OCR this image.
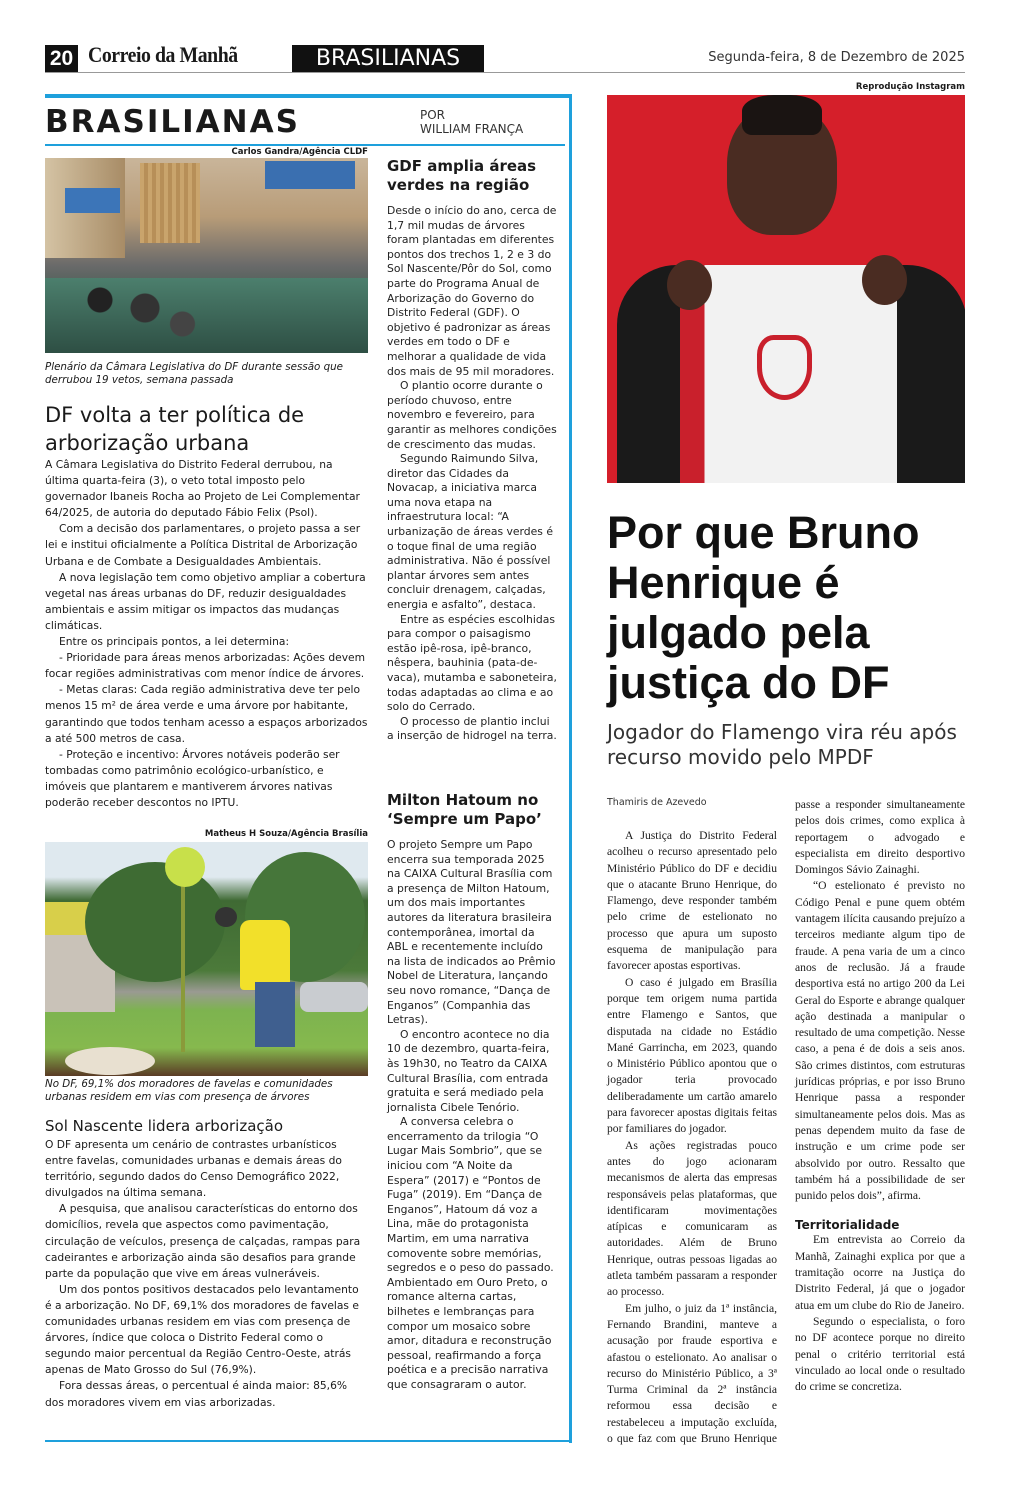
20 Correio da Manhã	BRASILIANAS	Segunda-feira, 8 de Dezembro de 2025
Reprodução Instagram
BRASILIANAS	POR
WILLIAM FRANÇA
Carlos Gandra/Agência CLDF
Plenário da Câmara Legislativa do DF durante sessão que derrubou 19 vetos, semana passada
DF volta a ter política de arborização urbana

A Câmara Legislativa do Distrito Federal derrubou, na última quarta-feira (3), o veto total imposto pelo governador Ibaneis Rocha ao Projeto de Lei Complementar 64/2025, de autoria do deputado Fábio Felix (Psol).

Com a decisão dos parlamentares, o projeto passa a ser lei e institui oficialmente a Política Distrital de Arborização Urbana e de Combate a Desigualdades Ambientais.

A nova legislação tem como objetivo ampliar a cobertura vegetal nas áreas urbanas do DF, reduzir desigualdades ambientais e assim mitigar os impactos das mudanças climáticas.

Entre os principais pontos, a lei determina:

- Prioridade para áreas menos arborizadas: Ações devem focar regiões administrativas com menor índice de árvores.

- Metas claras: Cada região administrativa deve ter pelo menos 15 m² de área verde e uma árvore por habitante, garantindo que todos tenham acesso a espaços arborizados a até 500 metros de casa.

- Proteção e incentivo: Árvores notáveis poderão ser tombadas como patrimônio ecológico-urbanístico, e imóveis que plantarem e mantiverem árvores nativas poderão receber descontos no IPTU.

Matheus H Souza/Agência Brasília
No DF, 69,1% dos moradores de favelas e comunidades urbanas residem em vias com presença de árvores
Sol Nascente lidera arborização

O DF apresenta um cenário de contrastes urbanísticos entre favelas, comunidades urbanas e demais áreas do território, segundo dados do Censo Demográfico 2022, divulgados na última semana.

A pesquisa, que analisou características do entorno dos domicílios, revela que aspectos como pavimentação, circulação de veículos, presença de calçadas, rampas para cadeirantes e arborização ainda são desafios para grande parte da população que vive em áreas vulneráveis.

Um dos pontos positivos destacados pelo levantamento é a arborização. No DF, 69,1% dos moradores de favelas e comunidades urbanas residem em vias com presença de árvores, índice que coloca o Distrito Federal como o segundo maior percentual da Região Centro-Oeste, atrás apenas de Mato Grosso do Sul (76,9%).

Fora dessas áreas, o percentual é ainda maior: 85,6% dos moradores vivem em vias arborizadas.

GDF amplia áreas verdes na região

Desde o início do ano, cerca de 1,7 mil mudas de árvores foram plantadas em diferentes pontos dos trechos 1, 2 e 3 do Sol Nascente/Pôr do Sol, como parte do Programa Anual de Arborização do Governo do Distrito Federal (GDF). O objetivo é padronizar as áreas verdes em todo o DF e melhorar a qualidade de vida dos mais de 95 mil moradores.

O plantio ocorre durante o período chuvoso, entre novembro e fevereiro, para garantir as melhores condições de crescimento das mudas.

Segundo Raimundo Silva, diretor das Cidades da Novacap, a iniciativa marca uma nova etapa na infraestrutura local: “A urbanização de áreas verdes é o toque final de uma região administrativa. Não é possível plantar árvores sem antes concluir drenagem, calçadas, energia e asfalto”, destaca.

Entre as espécies escolhidas para compor o paisagismo estão ipê-rosa, ipê-branco, nêspera, bauhinia (pata-de-vaca), mutamba e saboneteira, todas adaptadas ao clima e ao solo do Cerrado.

O processo de plantio inclui a inserção de hidrogel na terra.

Milton Hatoum no ‘Sempre um Papo’

O projeto Sempre um Papo encerra sua temporada 2025 na CAIXA Cultural Brasília com a presença de Milton Hatoum, um dos mais importantes autores da literatura brasileira contemporânea, imortal da ABL e recentemente incluído na lista de indicados ao Prêmio Nobel de Literatura, lançando seu novo romance, “Dança de Enganos” (Companhia das Letras).

O encontro acontece no dia 10 de dezembro, quarta-feira, às 19h30, no Teatro da CAIXA Cultural Brasília, com entrada gratuita e será mediado pela jornalista Cibele Tenório.

A conversa celebra o encerramento da trilogia “O Lugar Mais Sombrio”, que se iniciou com “A Noite da Espera” (2017) e “Pontos de Fuga” (2019). Em “Dança de Enganos”, Hatoum dá voz a Lina, mãe do protagonista Martim, em uma narrativa comovente sobre memórias, segredos e o peso do passado. Ambientado em Ouro Preto, o romance alterna cartas, bilhetes e lembranças para compor um mosaico sobre amor, ditadura e reconstrução pessoal, reafirmando a força poética e a precisão narrativa que consagraram o autor.

Por que Bruno Henrique é julgado pela justiça do DF
Jogador do Flamengo vira réu após recurso movido pelo MPDF

Thamiris de Azevedo

A Justiça do Distrito Federal acolheu o recurso apresentado pelo Ministério Público do DF e decidiu que o atacante Bruno Henrique, do Flamengo, deve responder também pelo crime de estelionato no processo que apura um suposto esquema de manipulação para favorecer apostas esportivas.

O caso é julgado em Brasília porque tem origem numa partida entre Flamengo e Santos, que disputada na cidade no Estádio Mané Garrincha, em 2023, quando o Ministério Público apontou que o jogador teria provocado deliberadamente um cartão amarelo para favorecer apostas digitais feitas por familiares do jogador.

As ações registradas pouco antes do jogo acionaram mecanismos de alerta das empresas responsáveis pelas plataformas, que identificaram movimentações atípicas e comunicaram as autoridades. Além de Bruno Henrique, outras pessoas ligadas ao atleta também passaram a responder ao processo.

Em julho, o juiz da 1ª instância, Fernando Brandini, manteve a acusação por fraude esportiva e afastou o estelionato. Ao analisar o recurso do Ministério Público, a 3ª Turma Criminal da 2ª instância reformou essa decisão e restabeleceu a imputação excluída, o que faz com que Bruno Henrique passe a responder simultaneamente pelos dois crimes, como explica à reportagem o advogado e especialista em direito desportivo Domingos Sávio Zainaghi.

“O estelionato é previsto no Código Penal e pune quem obtém vantagem ilícita causando prejuízo a terceiros mediante algum tipo de fraude. A pena varia de um a cinco anos de reclusão. Já a fraude desportiva está no artigo 200 da Lei Geral do Esporte e abrange qualquer ação destinada a manipular o resultado de uma competição. Nesse caso, a pena é de dois a seis anos. São crimes distintos, com estruturas jurídicas próprias, e por isso Bruno Henrique passa a responder simultaneamente pelos dois. Mas as penas dependem muito da fase de instrução e um crime pode ser absolvido por outro. Ressalto que também há a possibilidade de ser punido pelos dois”, afirma.

Territorialidade

Em entrevista ao Correio da Manhã, Zainaghi explica por que a tramitação ocorre na Justiça do Distrito Federal, já que o jogador atua em um clube do Rio de Janeiro.

Segundo o especialista, o foro no DF acontece porque no direito penal o critério territorial está vinculado ao local onde o resultado do crime se concretiza.
